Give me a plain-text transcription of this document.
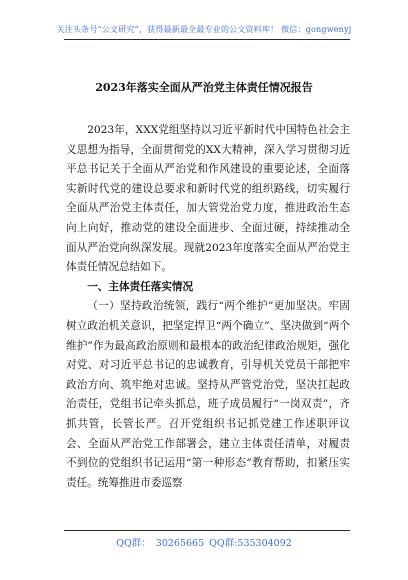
关注头条号“公文研究”，获得最新最全最专业的公文资料库！ 微信：gongwenyj
2023年落实全面从严治党主体责任情况报告

2023年，XXX党组坚持以习近平新时代中国特色社会主义思想为指导，全面贯彻党的XX大精神，深入学习贯彻习近平总书记关于全面从严治党和作风建设的重要论述，全面落实新时代党的建设总要求和新时代党的组织路线，切实履行全面从严治党主体责任，加大管党治党力度，推进政治生态向上向好，推动党的建设全面进步、全面过硬，持续推动全面从严治党向纵深发展。现就2023年度落实全面从严治党主体责任情况总结如下。

一、主体责任落实情况

（一）坚持政治统领，践行“两个维护”更加坚决。牢固树立政治机关意识，把坚定捍卫“两个确立”、坚决做到“两个维护”作为最高政治原则和最根本的政治纪律政治规矩，强化对党、对习近平总书记的忠诚教育，引导机关党员干部把牢政治方向、筑牢绝对忠诚。坚持从严管党治党，坚决扛起政治责任，党组书记牵头抓总，班子成员履行“一岗双责”，齐抓共管，长管长严。召开党组织书记抓党建工作述职评议会、全面从严治党工作部署会，建立主体责任清单，对履责不到位的党组织书记运用“第一种形态”教育帮助，扣紧压实责任。统筹推进市委巡察

QQ群： 30265665 QQ群:535304092
